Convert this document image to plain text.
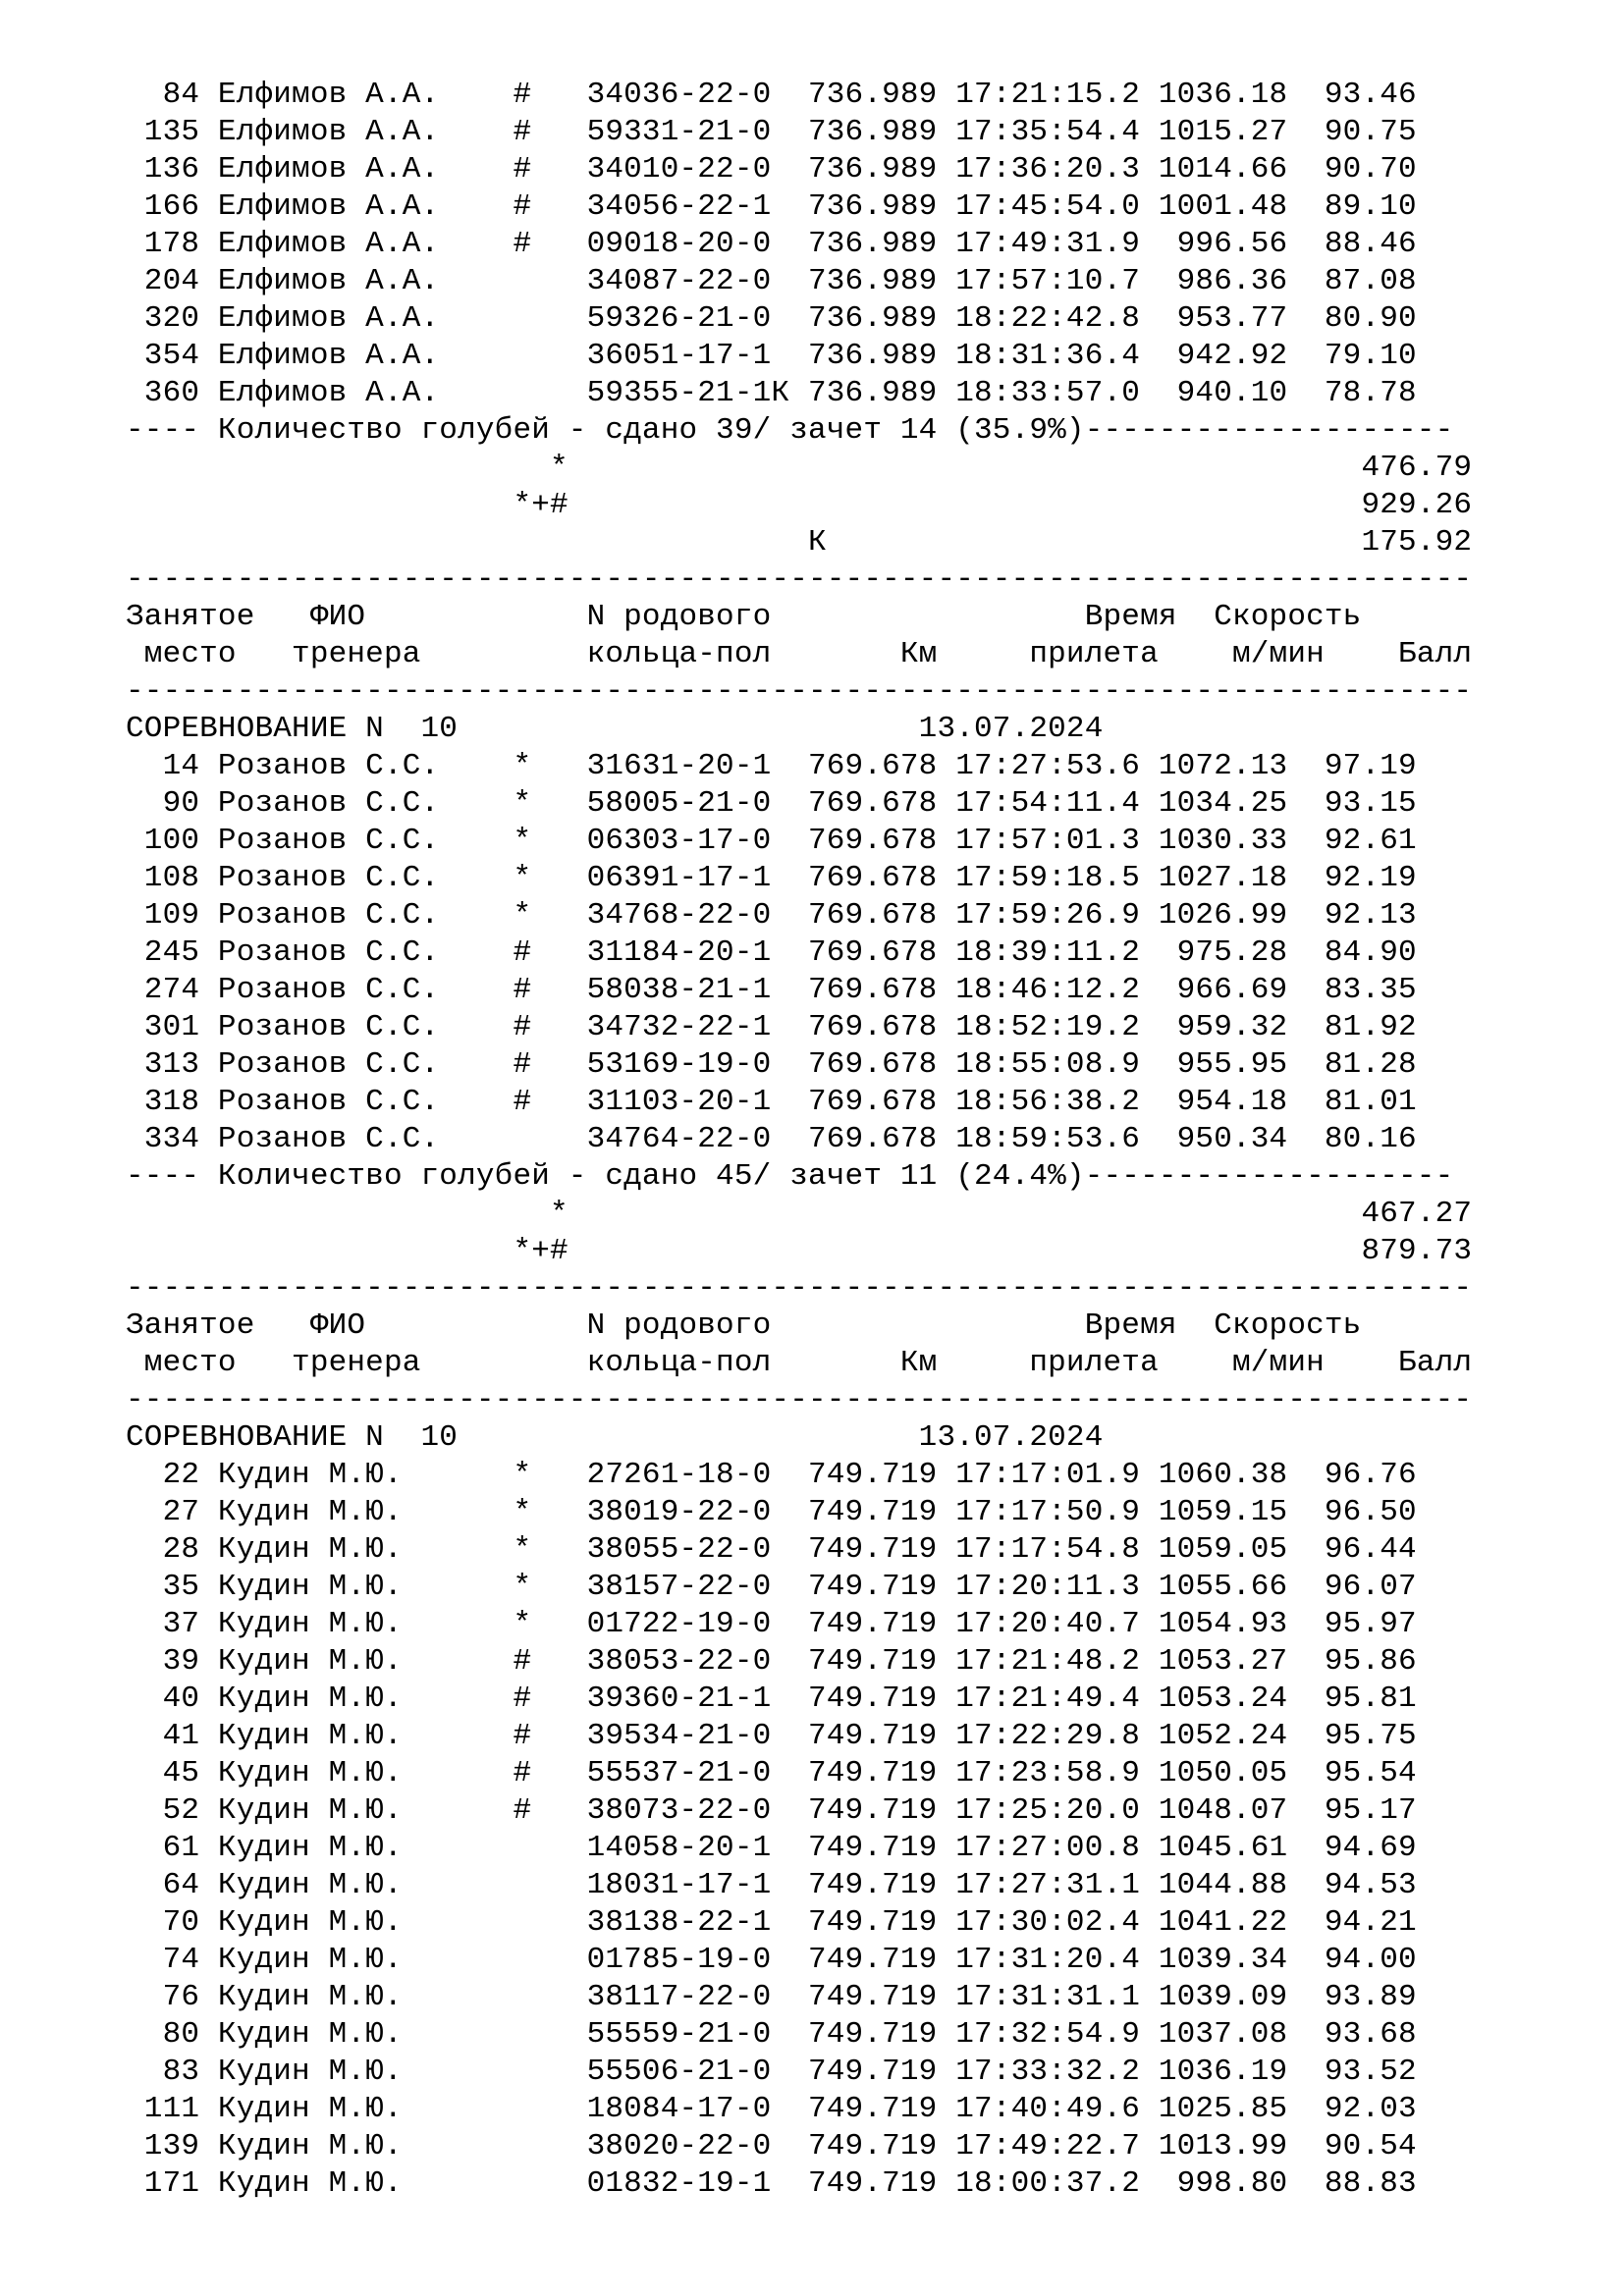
84 Елфимов А.А.    #   34036-22-0  736.989 17:21:15.2 1036.18  93.46
135 Елфимов А.А.    #   59331-21-0  736.989 17:35:54.4 1015.27  90.75
136 Елфимов А.А.    #   34010-22-0  736.989 17:36:20.3 1014.66  90.70
166 Елфимов А.А.    #   34056-22-1  736.989 17:45:54.0 1001.48  89.10
178 Елфимов А.А.    #   09018-20-0  736.989 17:49:31.9  996.56  88.46
204 Елфимов А.А.        34087-22-0  736.989 17:57:10.7  986.36  87.08
320 Елфимов А.А.        59326-21-0  736.989 18:22:42.8  953.77  80.90
354 Елфимов А.А.        36051-17-1  736.989 18:31:36.4  942.92  79.10
360 Елфимов А.А.        59355-21-1К 736.989 18:33:57.0  940.10  78.78
---- Количество голубей - сдано 39/ зачет 14 (35.9%)--------------------
*                                           476.79
*+#                                           929.26
К                             175.92
-------------------------------------------------------------------------
Занятое   ФИО            N родового                 Время  Скорость
место   тренера         кольца-пол       Км     прилета    м/мин    Балл
-------------------------------------------------------------------------
СОРЕВНОВАНИЕ N  10                         13.07.2024
14 Розанов С.С.    *   31631-20-1  769.678 17:27:53.6 1072.13  97.19
90 Розанов С.С.    *   58005-21-0  769.678 17:54:11.4 1034.25  93.15
100 Розанов С.С.    *   06303-17-0  769.678 17:57:01.3 1030.33  92.61
108 Розанов С.С.    *   06391-17-1  769.678 17:59:18.5 1027.18  92.19
109 Розанов С.С.    *   34768-22-0  769.678 17:59:26.9 1026.99  92.13
245 Розанов С.С.    #   31184-20-1  769.678 18:39:11.2  975.28  84.90
274 Розанов С.С.    #   58038-21-1  769.678 18:46:12.2  966.69  83.35
301 Розанов С.С.    #   34732-22-1  769.678 18:52:19.2  959.32  81.92
313 Розанов С.С.    #   53169-19-0  769.678 18:55:08.9  955.95  81.28
318 Розанов С.С.    #   31103-20-1  769.678 18:56:38.2  954.18  81.01
334 Розанов С.С.        34764-22-0  769.678 18:59:53.6  950.34  80.16
---- Количество голубей - сдано 45/ зачет 11 (24.4%)--------------------
*                                           467.27
*+#                                           879.73
-------------------------------------------------------------------------
Занятое   ФИО            N родового                 Время  Скорость
место   тренера         кольца-пол       Км     прилета    м/мин    Балл
-------------------------------------------------------------------------
СОРЕВНОВАНИЕ N  10                         13.07.2024
22 Кудин М.Ю.      *   27261-18-0  749.719 17:17:01.9 1060.38  96.76
27 Кудин М.Ю.      *   38019-22-0  749.719 17:17:50.9 1059.15  96.50
28 Кудин М.Ю.      *   38055-22-0  749.719 17:17:54.8 1059.05  96.44
35 Кудин М.Ю.      *   38157-22-0  749.719 17:20:11.3 1055.66  96.07
37 Кудин М.Ю.      *   01722-19-0  749.719 17:20:40.7 1054.93  95.97
39 Кудин М.Ю.      #   38053-22-0  749.719 17:21:48.2 1053.27  95.86
40 Кудин М.Ю.      #   39360-21-1  749.719 17:21:49.4 1053.24  95.81
41 Кудин М.Ю.      #   39534-21-0  749.719 17:22:29.8 1052.24  95.75
45 Кудин М.Ю.      #   55537-21-0  749.719 17:23:58.9 1050.05  95.54
52 Кудин М.Ю.      #   38073-22-0  749.719 17:25:20.0 1048.07  95.17
61 Кудин М.Ю.          14058-20-1  749.719 17:27:00.8 1045.61  94.69
64 Кудин М.Ю.          18031-17-1  749.719 17:27:31.1 1044.88  94.53
70 Кудин М.Ю.          38138-22-1  749.719 17:30:02.4 1041.22  94.21
74 Кудин М.Ю.          01785-19-0  749.719 17:31:20.4 1039.34  94.00
76 Кудин М.Ю.          38117-22-0  749.719 17:31:31.1 1039.09  93.89
80 Кудин М.Ю.          55559-21-0  749.719 17:32:54.9 1037.08  93.68
83 Кудин М.Ю.          55506-21-0  749.719 17:33:32.2 1036.19  93.52
111 Кудин М.Ю.          18084-17-0  749.719 17:40:49.6 1025.85  92.03
139 Кудин М.Ю.          38020-22-0  749.719 17:49:22.7 1013.99  90.54
171 Кудин М.Ю.          01832-19-1  749.719 18:00:37.2  998.80  88.83
